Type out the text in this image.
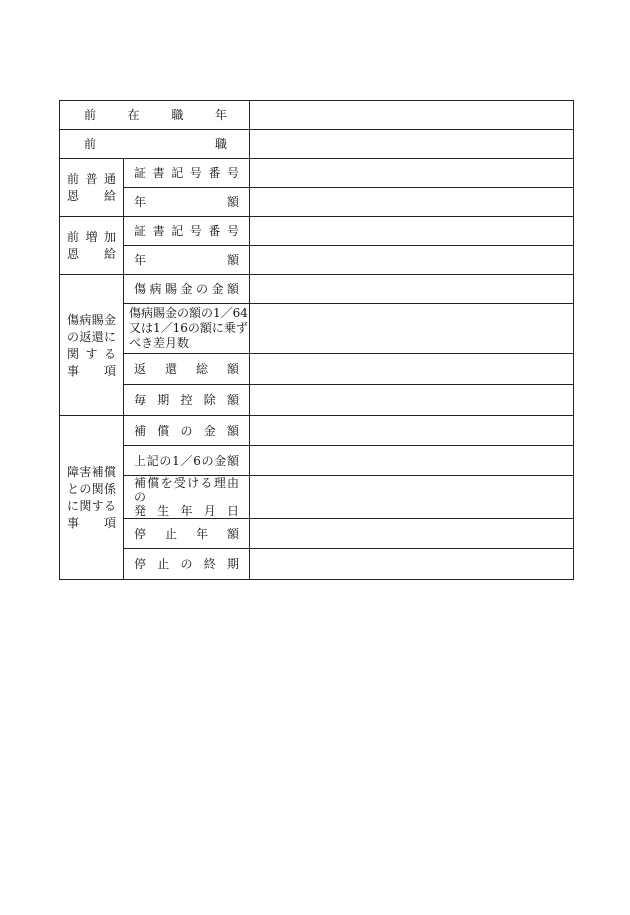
前　在　職　年		

前　　　職		

前普通
恩　給	証書記号番号	

	年　　額	

前増加
恩　給	証書記号番号	

	年　　額	

傷病賜金
の返還に
関する
事　項	傷病賜金の金額	

	傷病賜金の額の1／64
又は1／16の額に乗ず
べき差月数	

	返還総額	

	毎期控除額	

障害補償
との関係
に関する
事　項	補償の金額	

	上記の1／6の金額	

	補償を受ける理由の
発生年月日	

	停止年額	

	停止の終期	
